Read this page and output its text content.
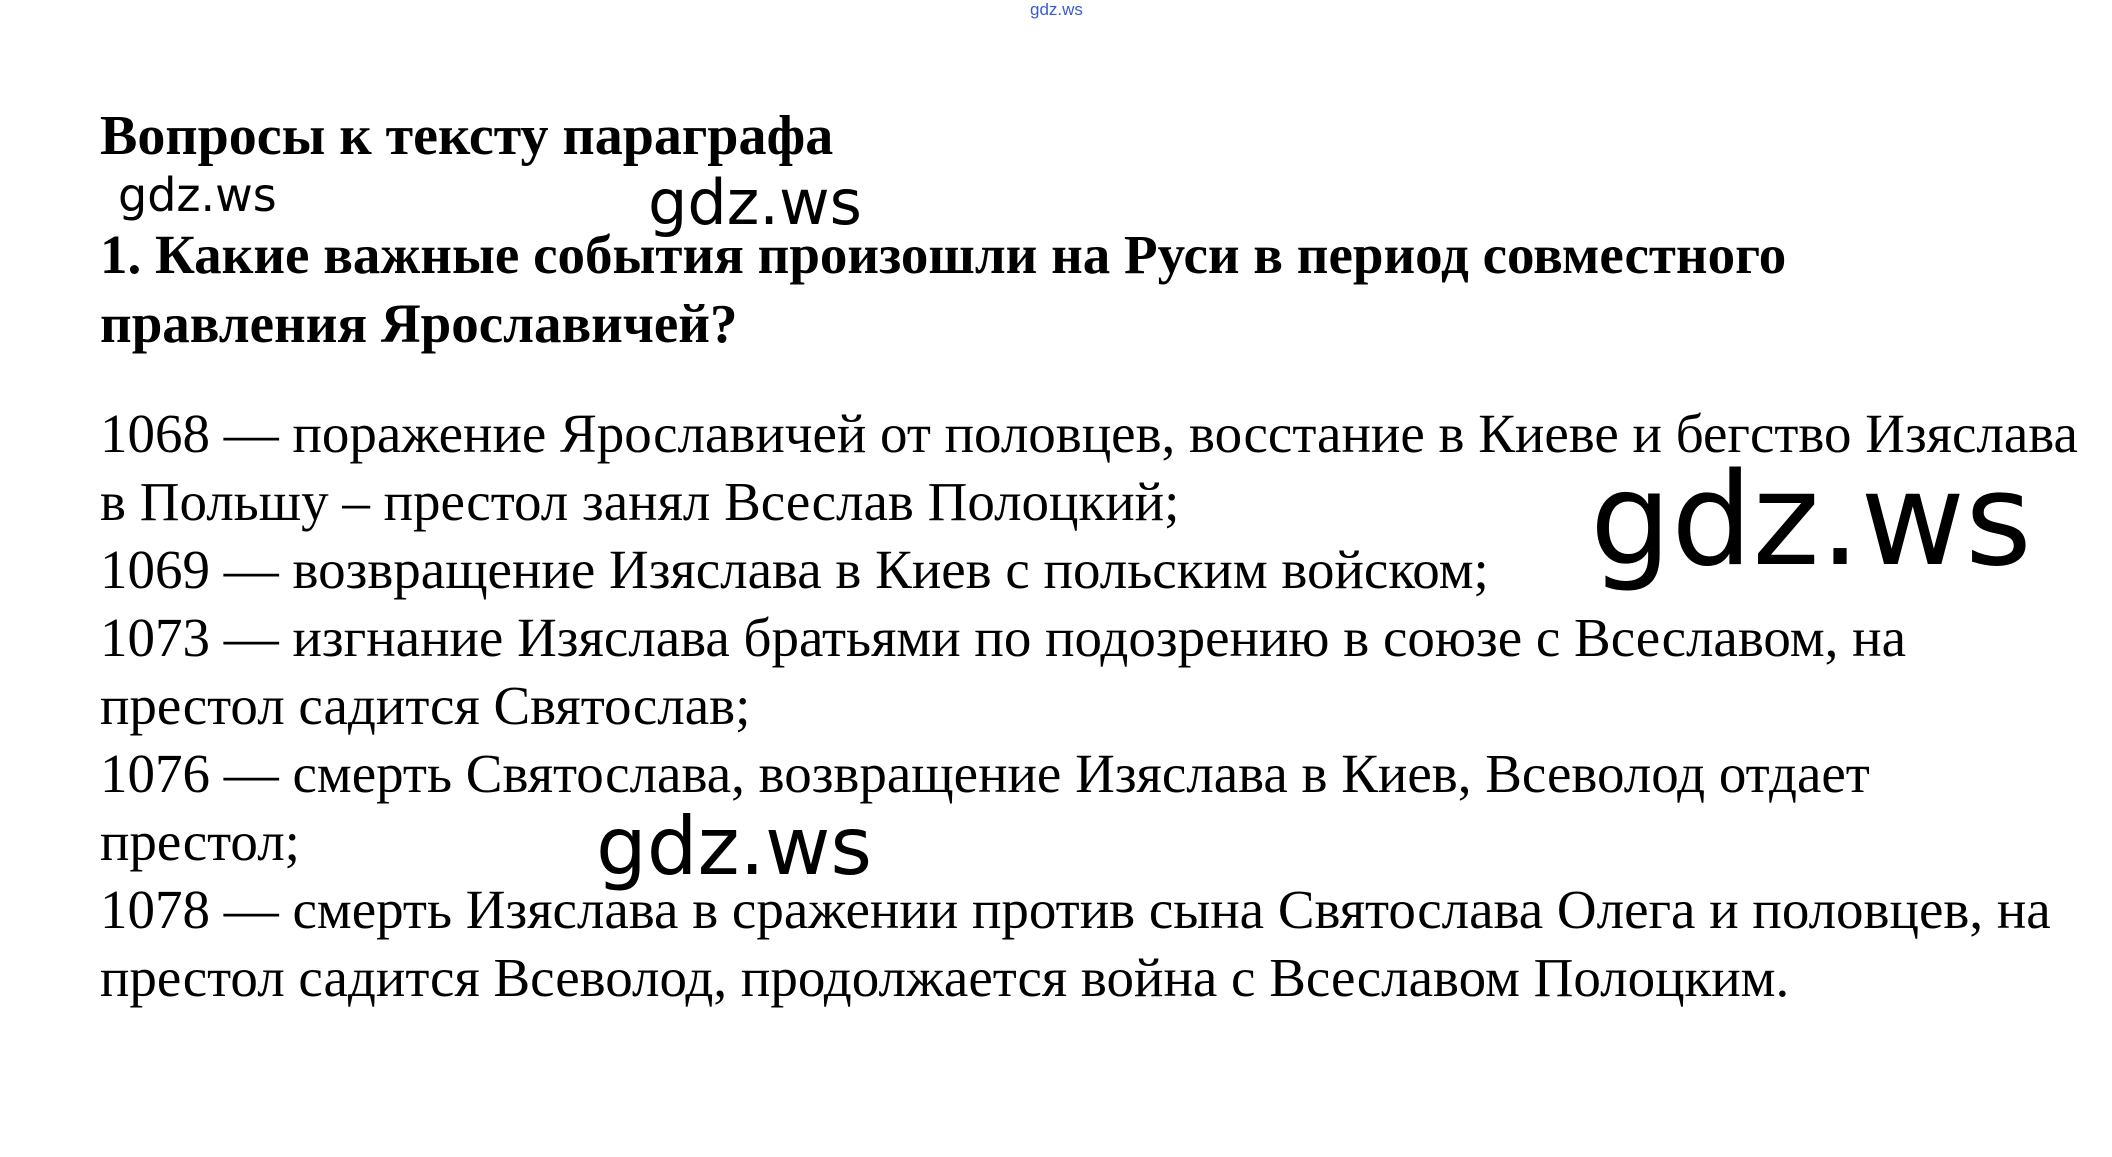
gdz.ws
Вопросы к тексту параграфа

1. Какие важные события произошли на Руси в период совместного правления Ярославичей?

1068 — поражение Ярославичей от половцев, восстание в Киеве и бегство Изяслава в Польшу – престол занял Всеслав Полоцкий;
1069 — возвращение Изяслава в Киев с польским войском;
1073 — изгнание Изяслава братьями по подозрению в союзе с Всеславом, на престол садится Святослав;
1076 — смерть Святослава, возвращение Изяслава в Киев, Всеволод отдает престол;
1078 — смерть Изяслава в сражении против сына Святослава Олега и половцев, на престол садится Всеволод, продолжается война с Всеславом Полоцким.
gdz.ws	gdz.ws
gdz.ws
gdz.ws
